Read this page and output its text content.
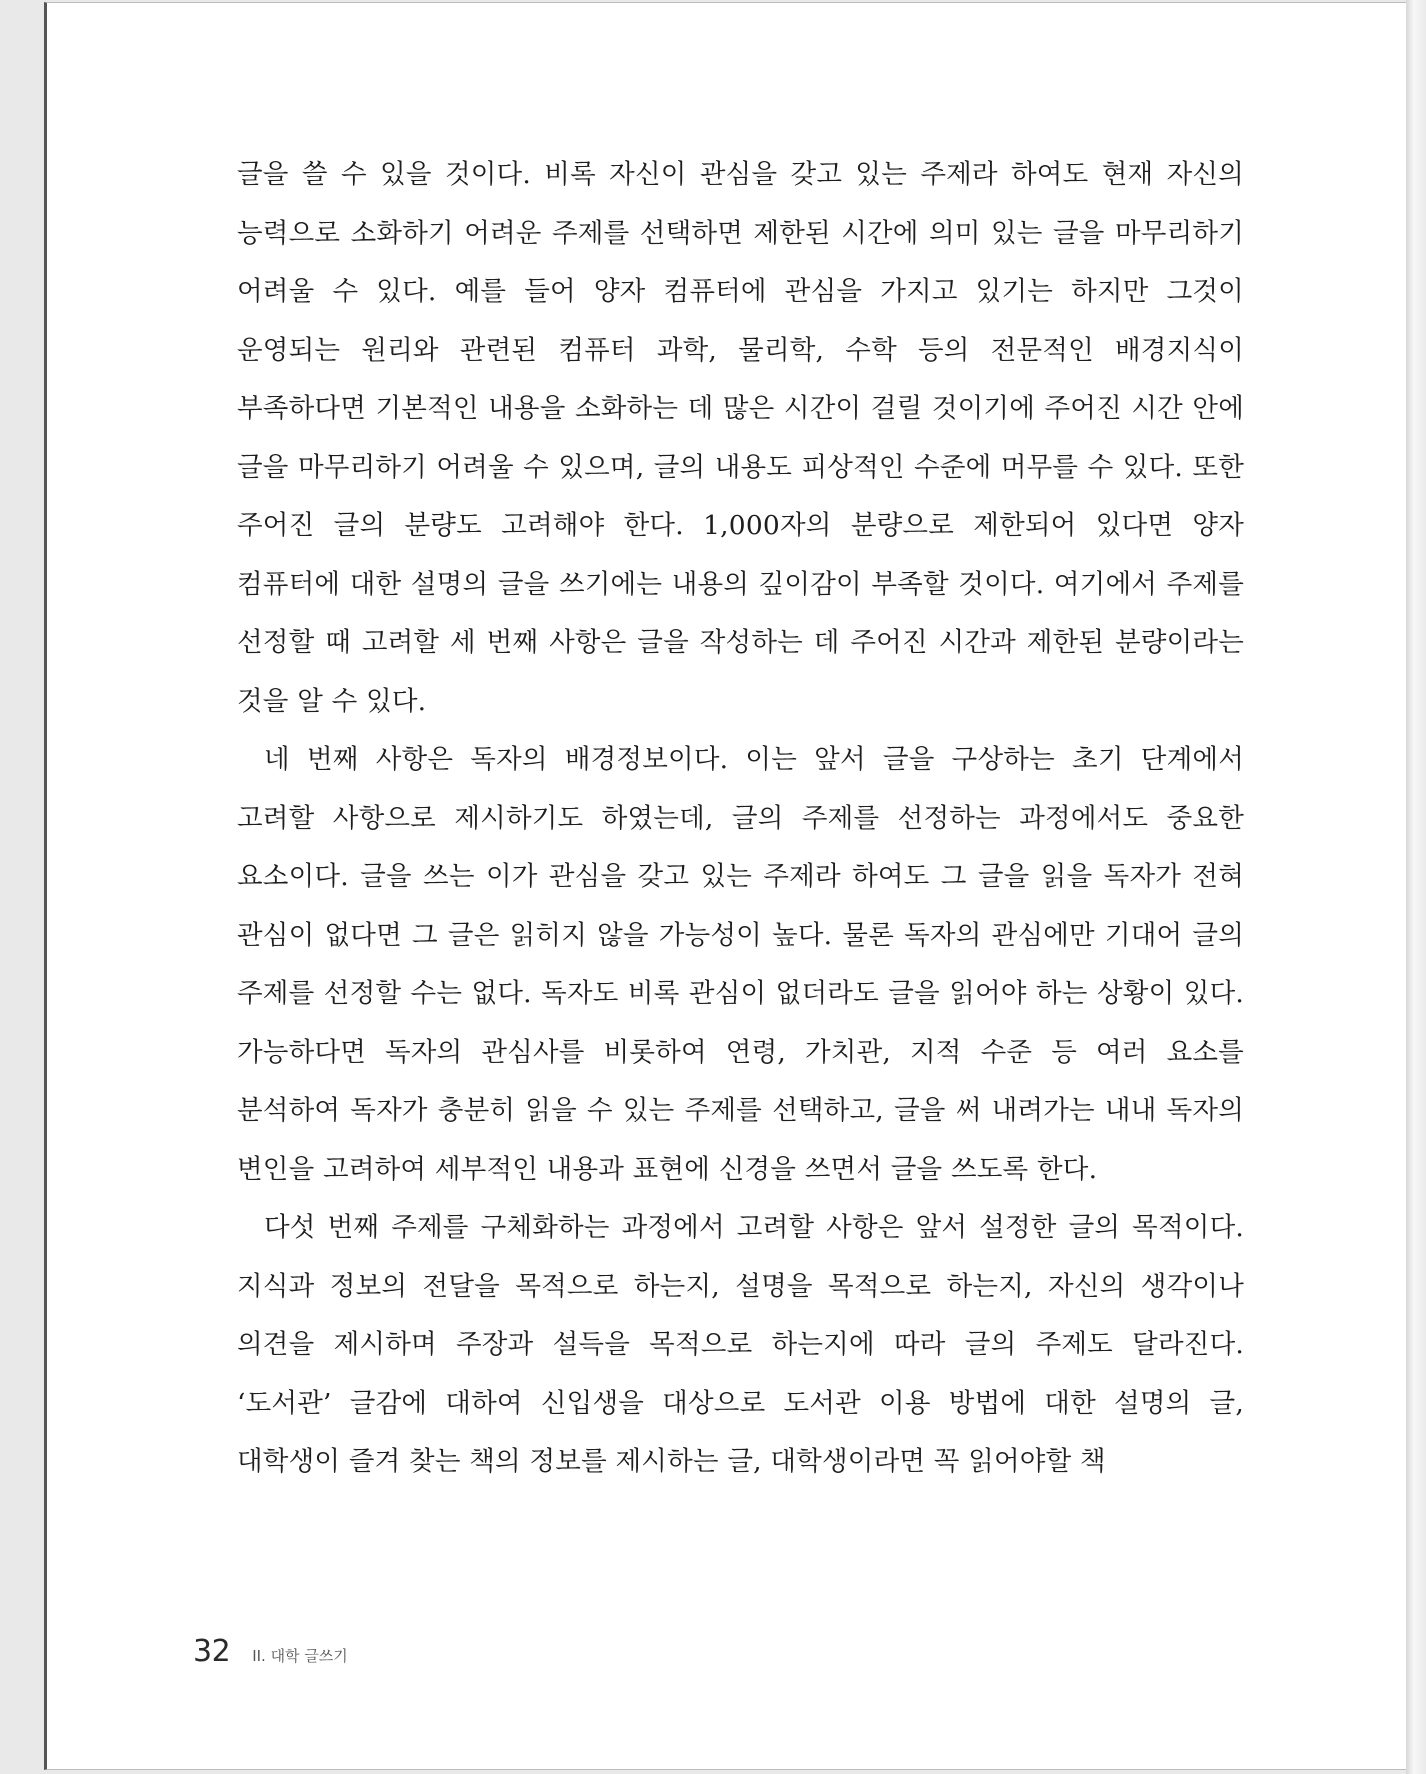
글을 쓸 수 있을 것이다. 비록 자신이 관심을 갖고 있는 주제라 하여도 현재 자신의 능력으로 소화하기 어려운 주제를 선택하면 제한된 시간에 의미 있는 글을 마무리하기 어려울 수 있다. 예를 들어 양자 컴퓨터에 관심을 가지고 있기는 하지만 그것이 운영되는 원리와 관련된 컴퓨터 과학, 물리학, 수학 등의 전문적인 배경지식이 부족하다면 기본적인 내용을 소화하는 데 많은 시간이 걸릴 것이기에 주어진 시간 안에 글을 마무리하기 어려울 수 있으며, 글의 내용도 피상적인 수준에 머무를 수 있다. 또한 주어진 글의 분량도 고려해야 한다. 1,000자의 분량으로 제한되어 있다면 양자 컴퓨터에 대한 설명의 글을 쓰기에는 내용의 깊이감이 부족할 것이다. 여기에서 주제를 선정할 때 고려할 세 번째 사항은 글을 작성하는 데 주어진 시간과 제한된 분량이라는 것을 알 수 있다.

네 번째 사항은 독자의 배경정보이다. 이는 앞서 글을 구상하는 초기 단계에서 고려할 사항으로 제시하기도 하였는데, 글의 주제를 선정하는 과정에서도 중요한 요소이다. 글을 쓰는 이가 관심을 갖고 있는 주제라 하여도 그 글을 읽을 독자가 전혀 관심이 없다면 그 글은 읽히지 않을 가능성이 높다. 물론 독자의 관심에만 기대어 글의 주제를 선정할 수는 없다. 독자도 비록 관심이 없더라도 글을 읽어야 하는 상황이 있다. 가능하다면 독자의 관심사를 비롯하여 연령, 가치관, 지적 수준 등 여러 요소를 분석하여 독자가 충분히 읽을 수 있는 주제를 선택하고, 글을 써 내려가는 내내 독자의 변인을 고려하여 세부적인 내용과 표현에 신경을 쓰면서 글을 쓰도록 한다.

다섯 번째 주제를 구체화하는 과정에서 고려할 사항은 앞서 설정한 글의 목적이다. 지식과 정보의 전달을 목적으로 하는지, 설명을 목적으로 하는지, 자신의 생각이나 의견을 제시하며 주장과 설득을 목적으로 하는지에 따라 글의 주제도 달라진다. ‘도서관’ 글감에 대하여 신입생을 대상으로 도서관 이용 방법에 대한 설명의 글, 대학생이 즐겨 찾는 책의 정보를 제시하는 글, 대학생이라면 꼭 읽어야할 책

32 II. 대학 글쓰기
